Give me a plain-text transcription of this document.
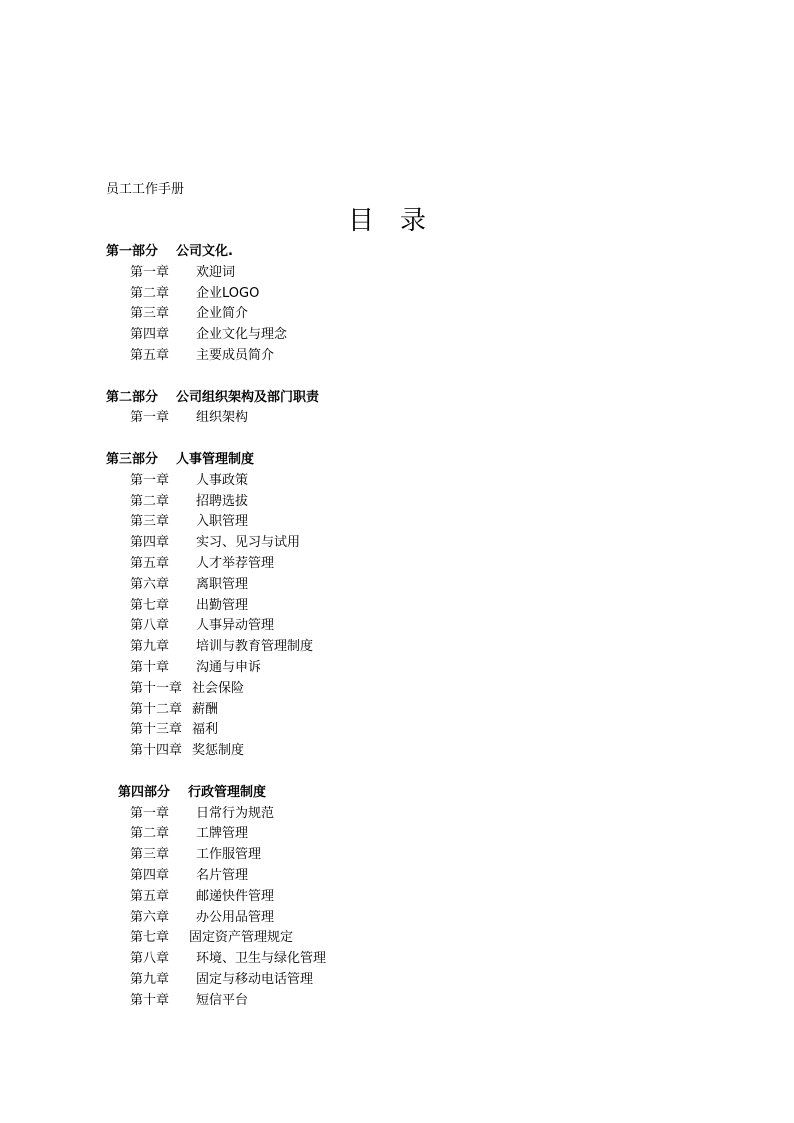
员工工作手册
目录
第一部分 公司文化.
第一章 欢迎词
第二章 企业LOGO
第三章 企业简介
第四章 企业文化与理念
第五章 主要成员简介
第二部分 公司组织架构及部门职责
第一章 组织架构
第三部分 人事管理制度
第一章 人事政策
第二章 招聘选拔
第三章 入职管理
第四章 实习、见习与试用
第五章 人才举荐管理
第六章 离职管理
第七章 出勤管理
第八章 人事异动管理
第九章 培训与教育管理制度
第十章 沟通与申诉
第十一章 社会保险
第十二章 薪酬
第十三章 福利
第十四章 奖惩制度
第四部分 行政管理制度
第一章 日常行为规范
第二章 工牌管理
第三章 工作服管理
第四章 名片管理
第五章 邮递快件管理
第六章 办公用品管理
第七章 固定资产管理规定
第八章 环境、卫生与绿化管理
第九章 固定与移动电话管理
第十章 短信平台
